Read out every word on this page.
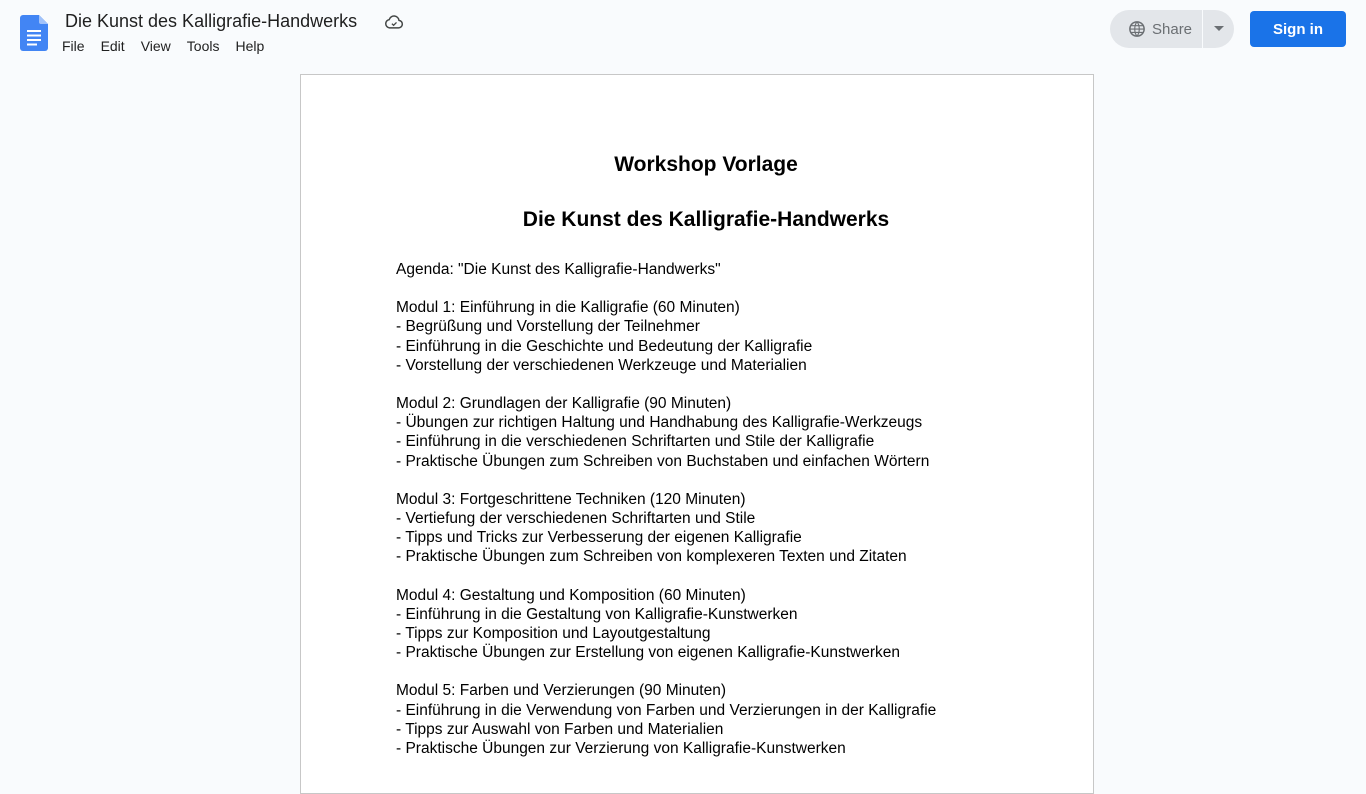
Die Kunst des Kalligrafie-Handwerks
File	Edit	View	Tools	Help
Share	Sign in
Workshop Vorlage
Die Kunst des Kalligrafie-Handwerks

Agenda: "Die Kunst des Kalligrafie-Handwerks"

Modul 1: Einführung in die Kalligrafie (60 Minuten)

- Begrüßung und Vorstellung der Teilnehmer

- Einführung in die Geschichte und Bedeutung der Kalligrafie

- Vorstellung der verschiedenen Werkzeuge und Materialien

Modul 2: Grundlagen der Kalligrafie (90 Minuten)

- Übungen zur richtigen Haltung und Handhabung des Kalligrafie-Werkzeugs

- Einführung in die verschiedenen Schriftarten und Stile der Kalligrafie

- Praktische Übungen zum Schreiben von Buchstaben und einfachen Wörtern

Modul 3: Fortgeschrittene Techniken (120 Minuten)

- Vertiefung der verschiedenen Schriftarten und Stile

- Tipps und Tricks zur Verbesserung der eigenen Kalligrafie

- Praktische Übungen zum Schreiben von komplexeren Texten und Zitaten

Modul 4: Gestaltung und Komposition (60 Minuten)

- Einführung in die Gestaltung von Kalligrafie-Kunstwerken

- Tipps zur Komposition und Layoutgestaltung

- Praktische Übungen zur Erstellung von eigenen Kalligrafie-Kunstwerken

Modul 5: Farben und Verzierungen (90 Minuten)

- Einführung in die Verwendung von Farben und Verzierungen in der Kalligrafie

- Tipps zur Auswahl von Farben und Materialien

- Praktische Übungen zur Verzierung von Kalligrafie-Kunstwerken
